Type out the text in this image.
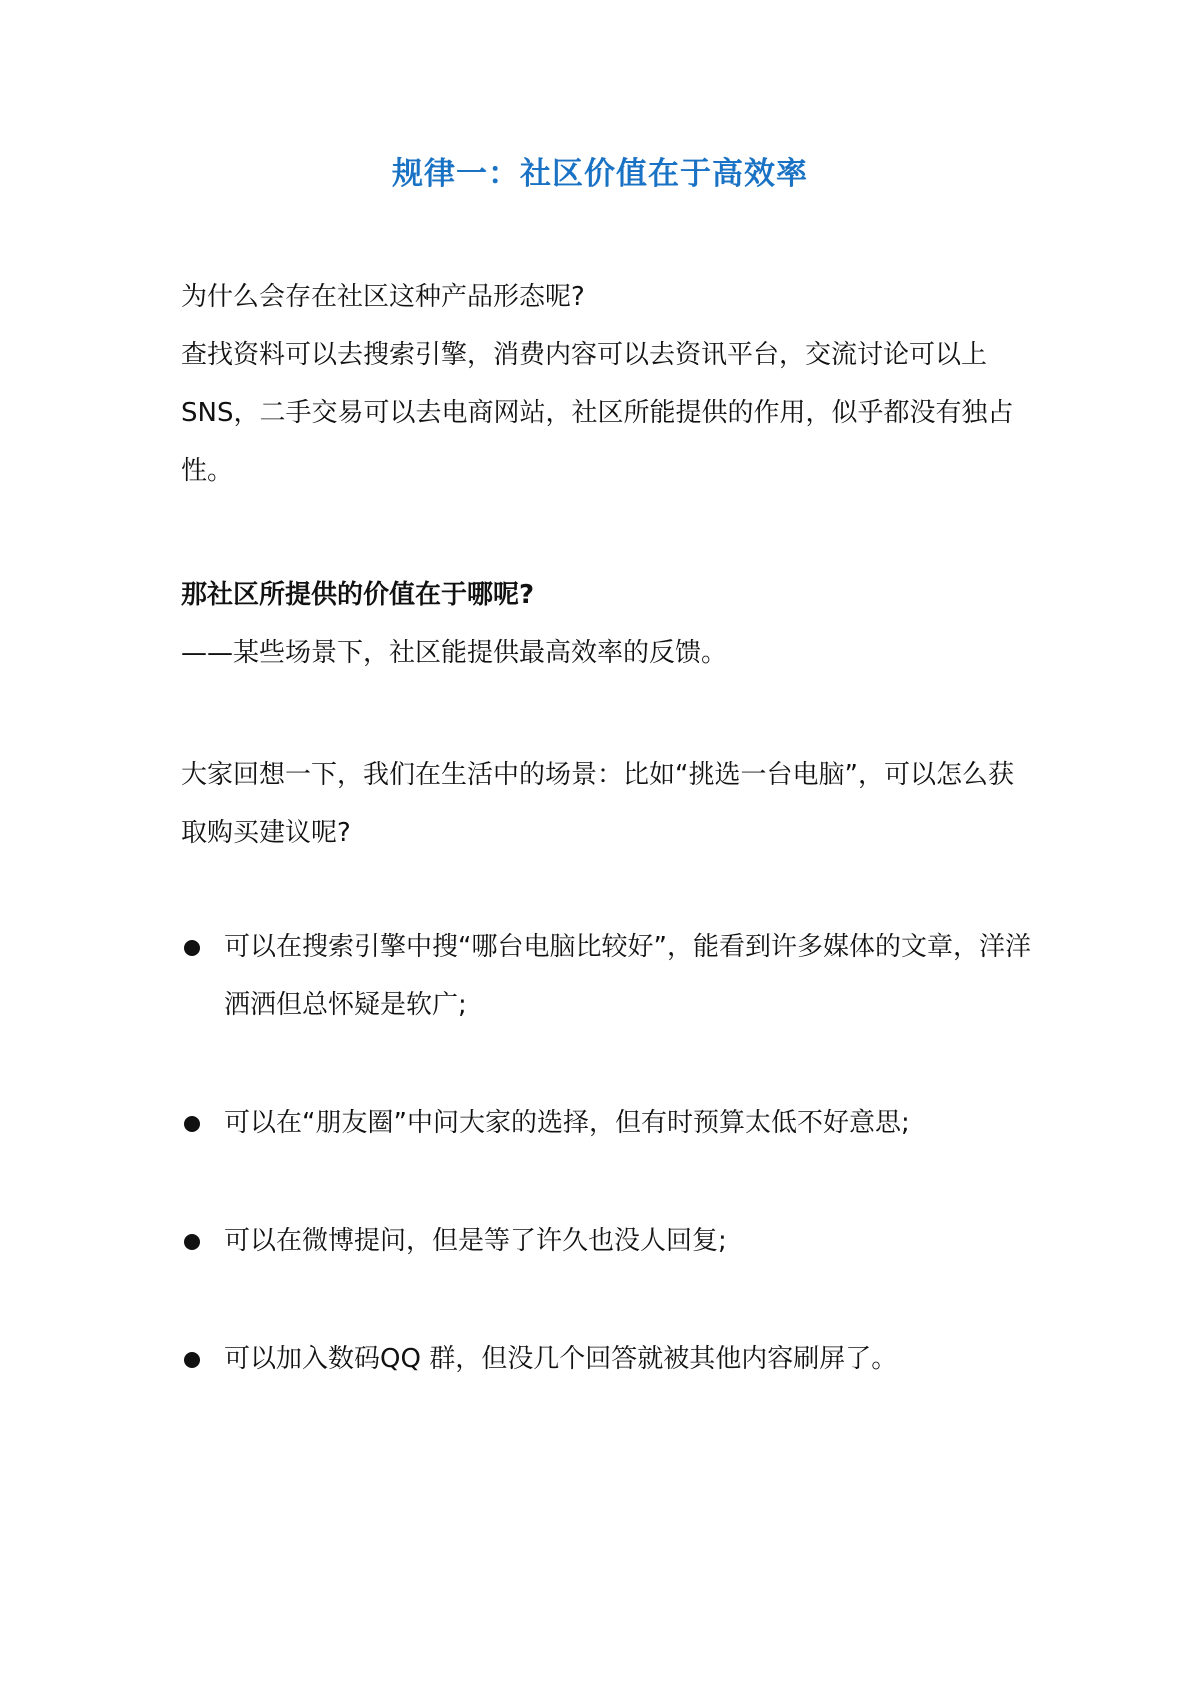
规律一：社区价值在于高效率
为什么会存在社区这种产品形态呢?
查找资料可以去搜索引擎，消费内容可以去资讯平台，交流讨论可以上SNS，二手交易可以去电商网站，社区所能提供的作用，似乎都没有独占性。
那社区所提供的价值在于哪呢?
——某些场景下，社区能提供最高效率的反馈。
大家回想一下，我们在生活中的场景：比如“挑选一台电脑”，可以怎么获取购买建议呢?
可以在搜索引擎中搜“哪台电脑比较好”，能看到许多媒体的文章，洋洋洒洒但总怀疑是软广;
可以在“朋友圈”中问大家的选择，但有时预算太低不好意思;
可以在微博提问，但是等了许久也没人回复;
可以加入数码QQ 群，但没几个回答就被其他内容刷屏了。
